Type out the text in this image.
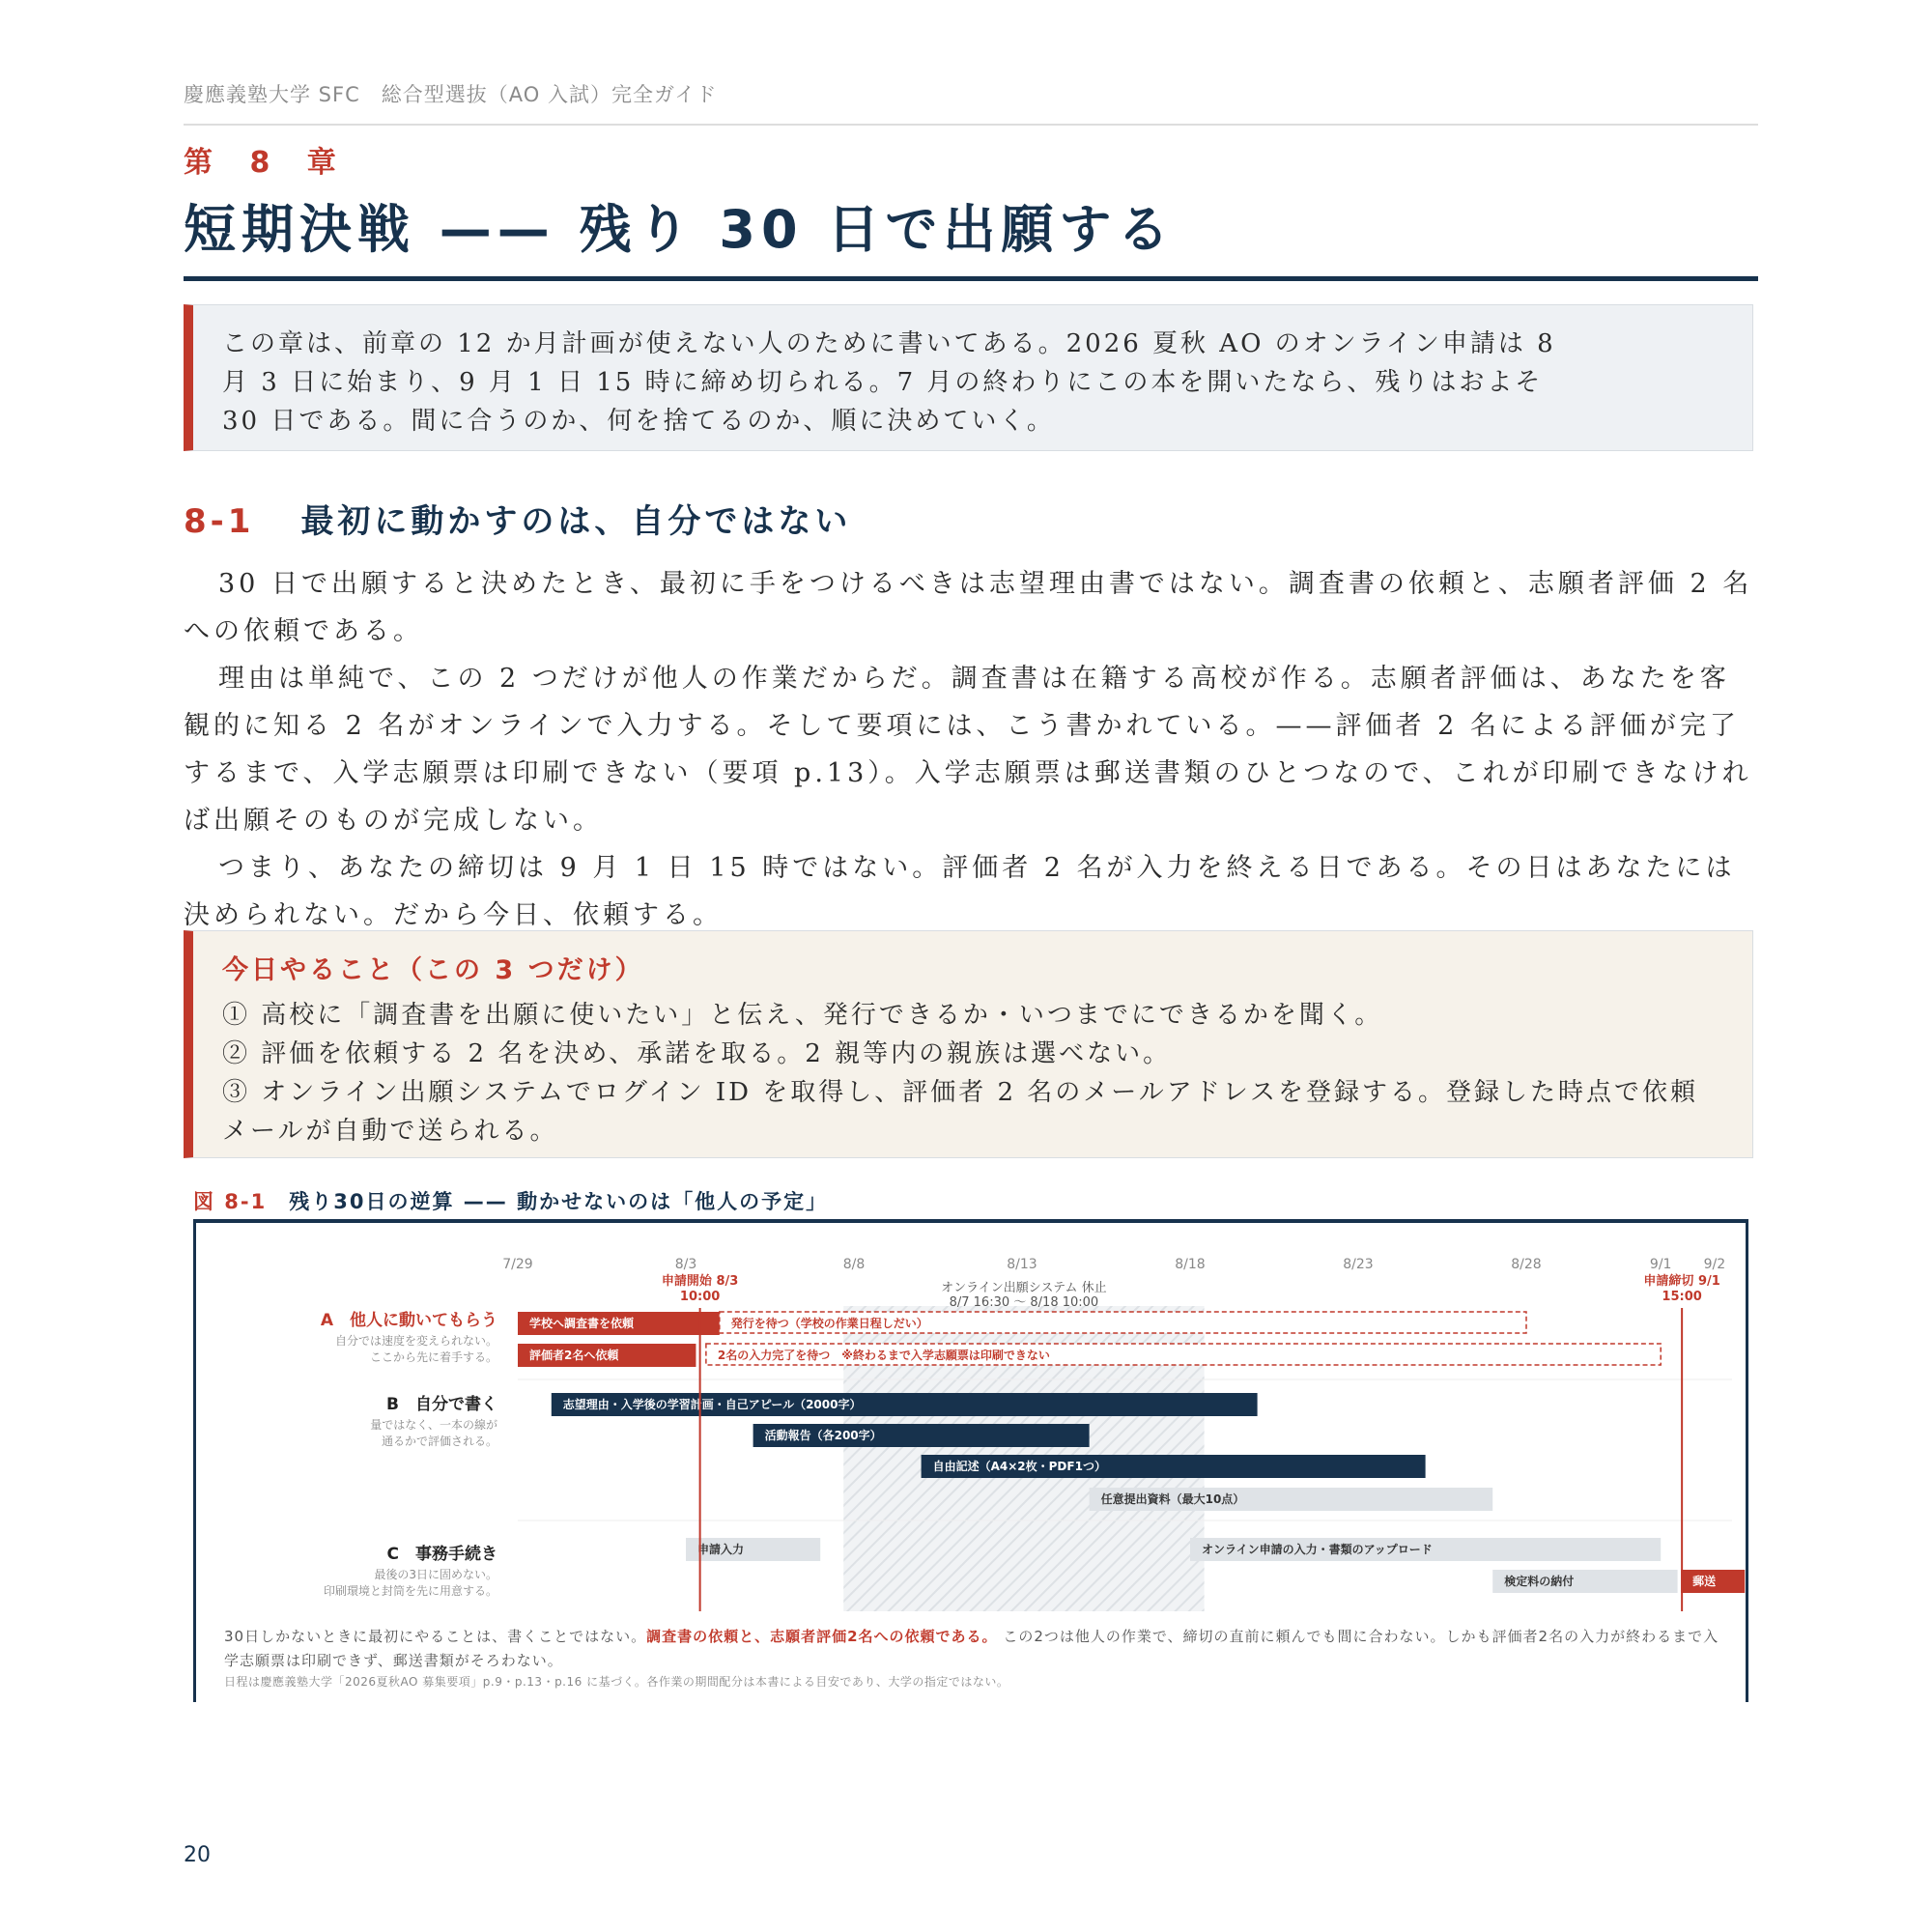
慶應義塾大学 SFC　総合型選抜（AO 入試）完全ガイド
第 8 章
短期決戦 —— 残り 30 日で出願する

この章は、前章の 12 か月計画が使えない人のために書いてある。2026 夏秋 AO のオンライン申請は 8

月 3 日に始まり、9 月 1 日 15 時に締め切られる。7 月の終わりにこの本を開いたなら、残りはおよそ

30 日である。間に合うのか、何を捨てるのか、順に決めていく。

8-1 最初に動かすのは、自分ではない

30 日で出願すると決めたとき、最初に手をつけるべきは志望理由書ではない。調査書の依頼と、志願者評価 2 名への依頼である。

理由は単純で、この 2 つだけが他人の作業だからだ。調査書は在籍する高校が作る。志願者評価は、あなたを客観的に知る 2 名がオンラインで入力する。そして要項には、こう書かれている。——評価者 2 名による評価が完了するまで、入学志願票は印刷できない（要項 p.13）。入学志願票は郵送書類のひとつなので、これが印刷できなければ出願そのものが完成しない。

つまり、あなたの締切は 9 月 1 日 15 時ではない。評価者 2 名が入力を終える日である。その日はあなたには決められない。だから今日、依頼する。

今日やること（この 3 つだけ）

① 高校に「調査書を出願に使いたい」と伝え、発行できるか・いつまでにできるかを聞く。

② 評価を依頼する 2 名を決め、承諾を取る。2 親等内の親族は選べない。

③ オンライン出願システムでログイン ID を取得し、評価者 2 名のメールアドレスを登録する。登録した時点で依頼メールが自動で送られる。

図 8-1　 残り30日の逆算 —— 動かせないのは「他人の予定」
オンライン出願システム 休止
8/7 16:30 〜 8/18 10:00
7/29	8/3	8/8	8/13	8/18	8/23	8/28	9/1 9/2
A　他人に動いてもらう
自分では速度を変えられない。
ここから先に着手する。
B　自分で書く
量ではなく、一本の線が
通るかで評価される。
C　事務手続き
最後の3日に固めない。
印刷環境と封筒を先に用意する。
学校へ調査書を依頼	発行を待つ（学校の作業日程しだい）
評価者2名へ依頼	2名の入力完了を待つ　※終わるまで入学志願票は印刷できない
志望理由・入学後の学習計画・自己アピール（2000字）
活動報告（各200字）
自由記述（A4×2枚・PDF1つ）
任意提出資料（最大10点）
申請入力	オンライン申請の入力・書類のアップロード
検定料の納付	郵送
申請開始 8/3
10:00
申請締切 9/1
15:00
30日しかないときに最初にやることは、書くことではない。調査書の依頼と、志願者評価2名への依頼である。 この2つは他人の作業で、締切の直前に頼んでも間に合わない。しかも評価者2名の入力が終わるまで入学志願票は印刷できず、郵送書類がそろわない。
日程は慶應義塾大学「2026夏秋AO 募集要項」p.9・p.13・p.16 に基づく。各作業の期間配分は本書による目安であり、大学の指定ではない。
20
